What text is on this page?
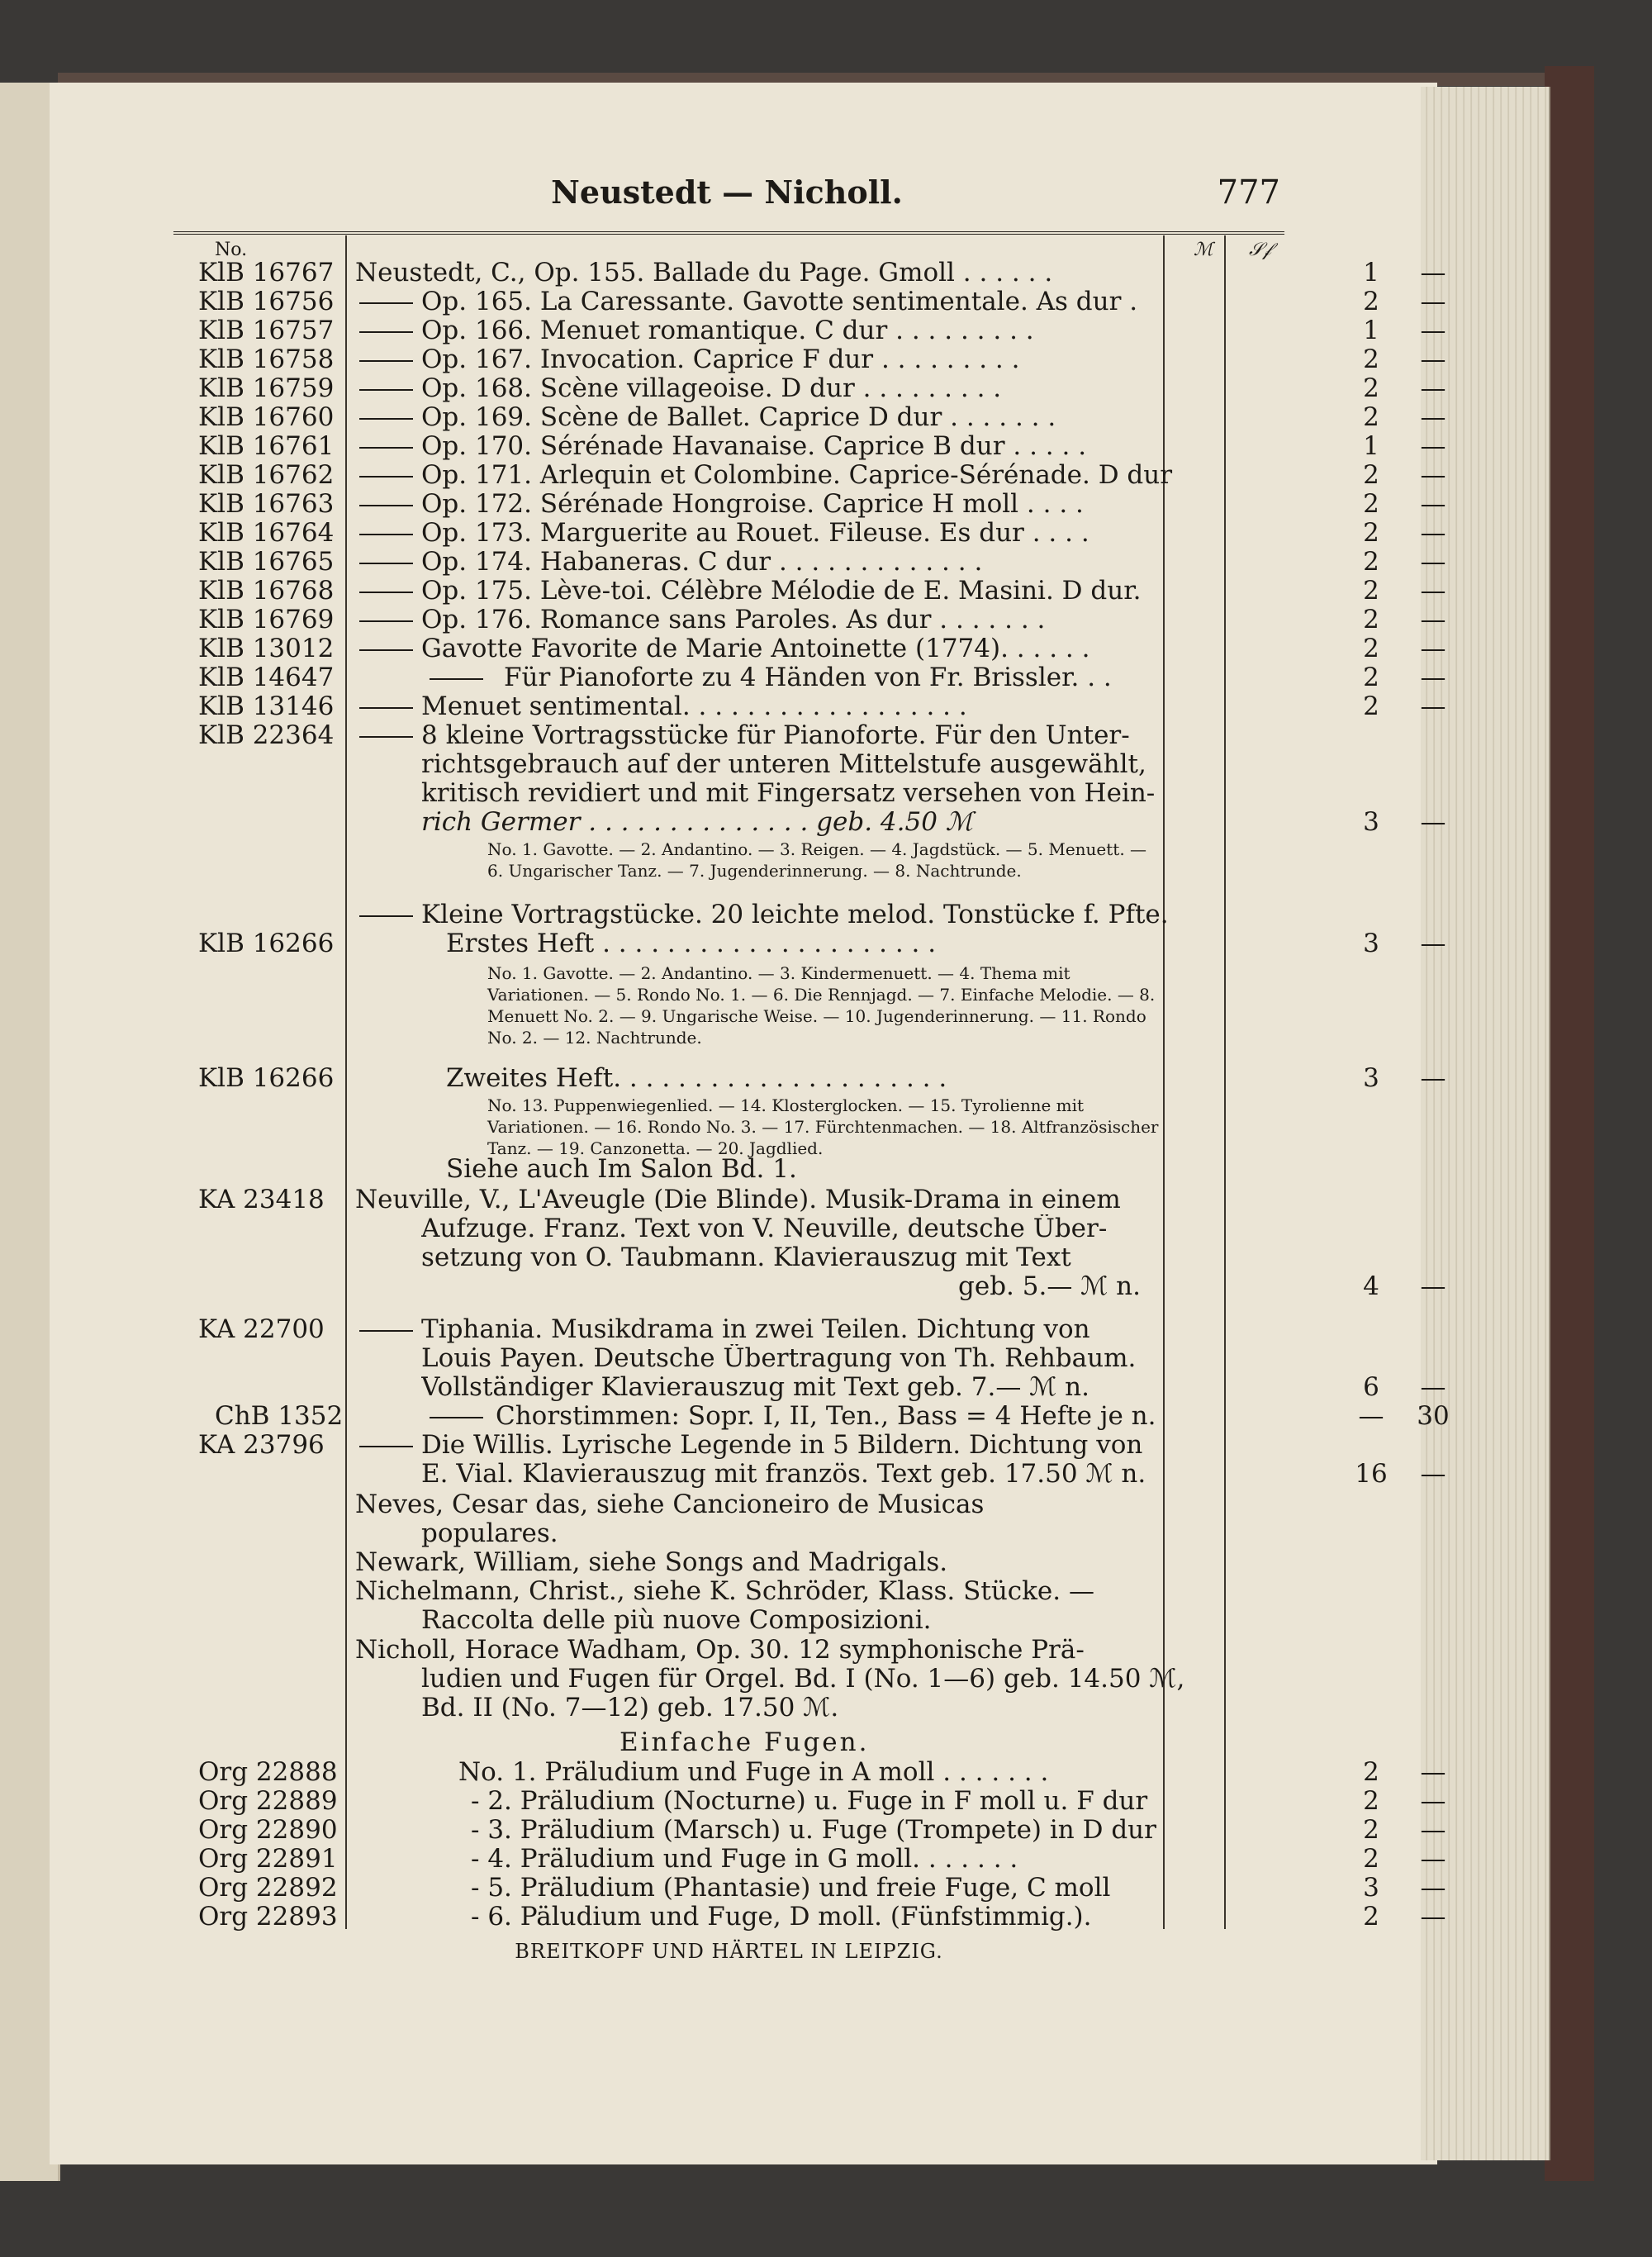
Neustedt — Nicholl.	777
No.	ℳ 𝒮𝒻
KlB 16767 Neustedt, C., Op. 155. Ballade du Page. Gmoll . . . . . .	1	—
KlB 16756	Op. 165. La Caressante. Gavotte sentimentale. As dur .	2	—
KlB 16757	Op. 166. Menuet romantique. C dur . . . . . . . . .	1	—
KlB 16758	Op. 167. Invocation. Caprice F dur . . . . . . . . .	2	—
KlB 16759	Op. 168. Scène villageoise. D dur . . . . . . . . .	2	—
KlB 16760	Op. 169. Scène de Ballet. Caprice D dur . . . . . . .	2	—
KlB 16761	Op. 170. Sérénade Havanaise. Caprice B dur . . . . .	1	—
KlB 16762	Op. 171. Arlequin et Colombine. Caprice-Sérénade. D dur	2	—
KlB 16763	Op. 172. Sérénade Hongroise. Caprice H moll . . . .	2	—
KlB 16764	Op. 173. Marguerite au Rouet. Fileuse. Es dur . . . .	2	—
KlB 16765	Op. 174. Habaneras. C dur . . . . . . . . . . . . .	2	—
KlB 16768	Op. 175. Lève-toi. Célèbre Mélodie de E. Masini. D dur.	2	—
KlB 16769	Op. 176. Romance sans Paroles. As dur . . . . . . .	2	—
KlB 13012	Gavotte Favorite de Marie Antoinette (1774). . . . . .	2	—
KlB 14647	Für Pianoforte zu 4 Händen von Fr. Brissler. . .	2	—
KlB 13146	Menuet sentimental. . . . . . . . . . . . . . . . . .	2	—
KlB 22364	8 kleine Vortragsstücke für Pianoforte. Für den Unter-
richtsgebrauch auf der unteren Mittelstufe ausgewählt,
kritisch revidiert und mit Fingersatz versehen von Hein-
rich Germer . . . . . . . . . . . . . . geb. 4.50 ℳ	3	—
No. 1. Gavotte. — 2. Andantino. — 3. Reigen. — 4. Jagdstück. — 5. Menuett. — 6. Ungarischer Tanz. — 7. Jugenderinnerung. — 8. Nachtrunde.
Kleine Vortragstücke. 20 leichte melod. Tonstücke f. Pfte.
KlB 16266	Erstes Heft . . . . . . . . . . . . . . . . . . . . .	3	—
No. 1. Gavotte. — 2. Andantino. — 3. Kindermenuett. — 4. Thema mit Variationen. — 5. Rondo No. 1. — 6. Die Rennjagd. — 7. Einfache Melodie. — 8. Menuett No. 2. — 9. Ungarische Weise. — 10. Jugenderinnerung. — 11. Rondo No. 2. — 12. Nachtrunde.
KlB 16266	Zweites Heft. . . . . . . . . . . . . . . . . . . . .	3	—
No. 13. Puppenwiegenlied. — 14. Klosterglocken. — 15. Tyrolienne mit Variationen. — 16. Rondo No. 3. — 17. Fürchtenmachen. — 18. Altfranzösischer Tanz. — 19. Canzonetta. — 20. Jagdlied.
Siehe auch Im Salon Bd. 1.
KA 23418	Neuville, V., L'Aveugle (Die Blinde). Musik-Drama in einem
Aufzuge. Franz. Text von V. Neuville, deutsche Über-
setzung von O. Taubmann. Klavierauszug mit Text
geb. 5.— ℳ n.	4	—
KA 22700	Tiphania. Musikdrama in zwei Teilen. Dichtung von
Louis Payen. Deutsche Übertragung von Th. Rehbaum.
Vollständiger Klavierauszug mit Text geb. 7.— ℳ n.	6	—
ChB 1352	Chorstimmen: Sopr. I, II, Ten., Bass = 4 Hefte je n.	—	30
KA 23796	Die Willis. Lyrische Legende in 5 Bildern. Dichtung von
E. Vial. Klavierauszug mit französ. Text geb. 17.50 ℳ n.	16	—
Neves, Cesar das, siehe Cancioneiro de Musicas
populares.
Newark, William, siehe Songs and Madrigals.
Nichelmann, Christ., siehe K. Schröder, Klass. Stücke. —
Raccolta delle più nuove Composizioni.
Nicholl, Horace Wadham, Op. 30. 12 symphonische Prä-
ludien und Fugen für Orgel. Bd. I (No. 1—6) geb. 14.50 ℳ,
Bd. II (No. 7—12) geb. 17.50 ℳ.
Einfache Fugen.
Org 22888	No. 1. Präludium und Fuge in A moll . . . . . . .	2	—
Org 22889	- 2. Präludium (Nocturne) u. Fuge in F moll u. F dur	2	—
Org 22890	- 3. Präludium (Marsch) u. Fuge (Trompete) in D dur	2	—
Org 22891	- 4. Präludium und Fuge in G moll. . . . . . .	2	—
Org 22892	- 5. Präludium (Phantasie) und freie Fuge, C moll	3	—
Org 22893	- 6. Päludium und Fuge, D moll. (Fünfstimmig.).	2	—
BREITKOPF UND HÄRTEL IN LEIPZIG.
